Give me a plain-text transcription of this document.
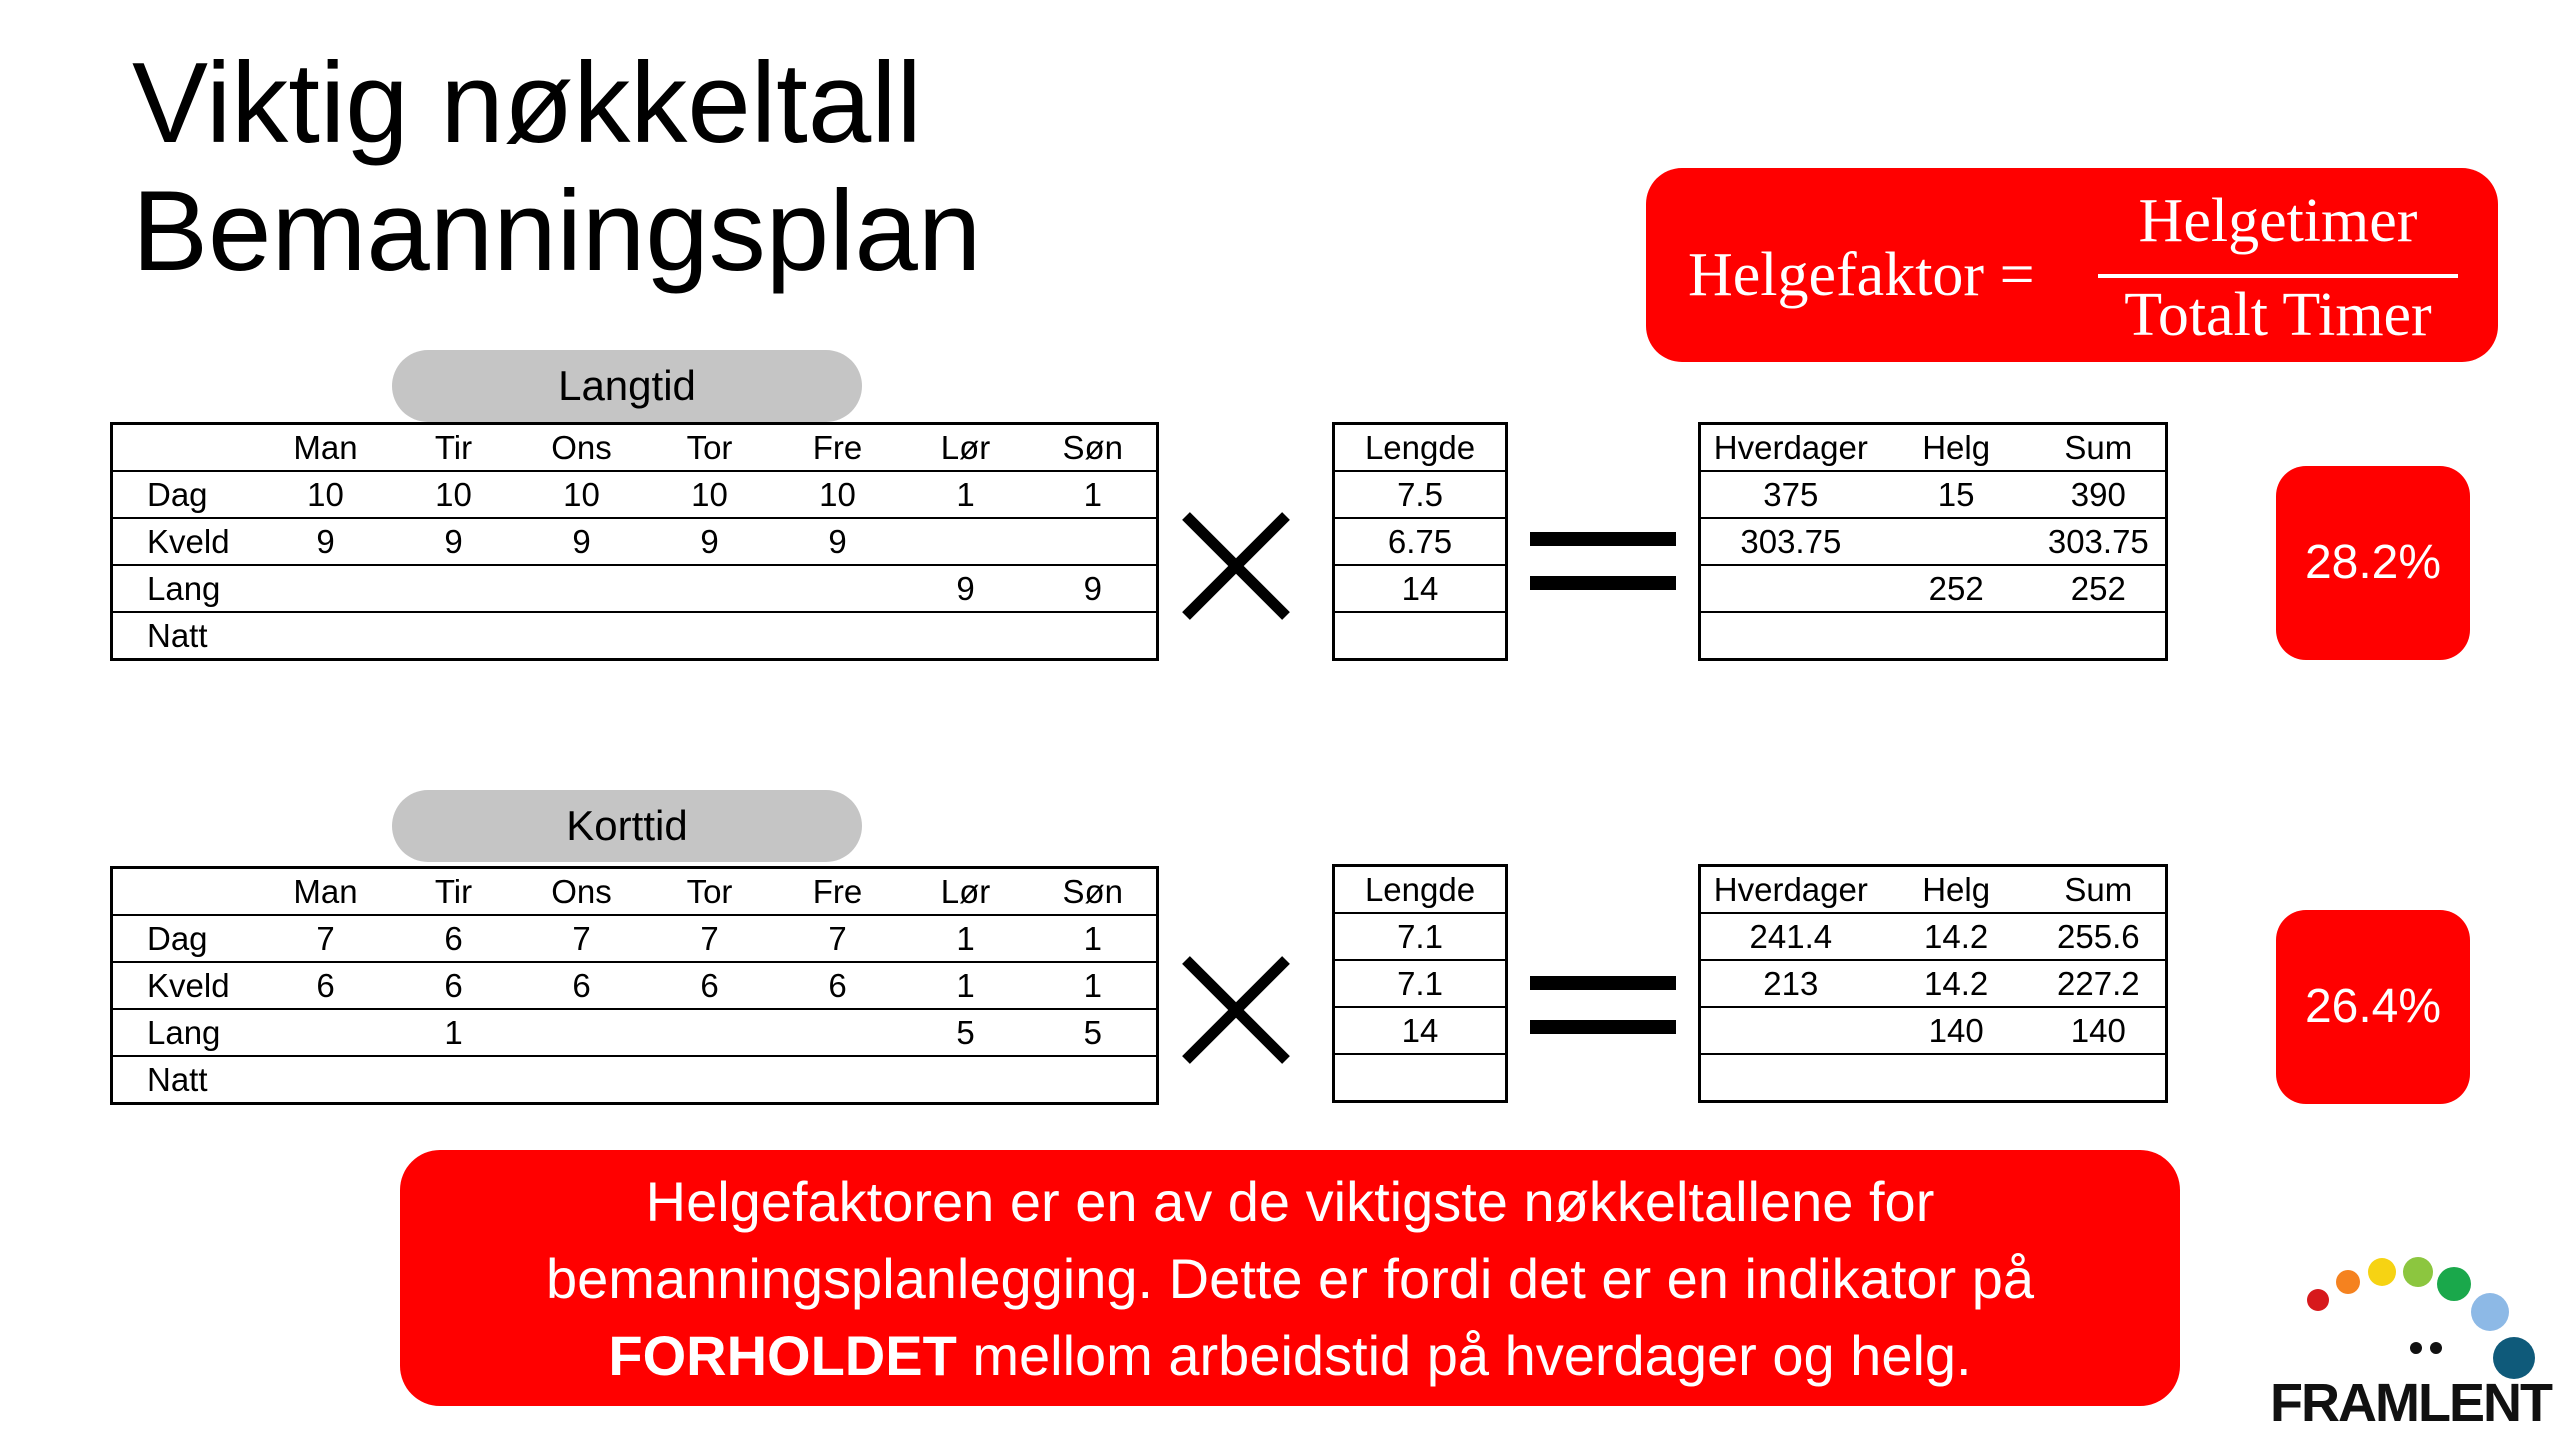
Viktig nøkkeltall
Bemanningsplan	Helgefaktor =
Helgetimer
Totalt Timer
Langtid
	Man	Tir	Ons	Tor	Fre	Lør	Søn
Dag	10	10	10	10	10	1	1
Kveld	9	9	9	9	9		
Lang						9	9
Natt							
Lengde
7.5
6.75
14

Hverdager	Helg	Sum
375	15	390
303.75		303.75
	252	252
			28.2%
Korttid
	Man	Tir	Ons	Tor	Fre	Lør	Søn
Dag	7	6	7	7	7	1	1
Kveld	6	6	6	6	6	1	1
Lang		1				5	5
Natt							
Lengde
7.1
7.1
14

Hverdager	Helg	Sum
241.4	14.2	255.6
213	14.2	227.2
	140	140
			26.4%
Helgefaktoren er en av de viktigste nøkkeltallene for
bemanningsplanlegging. Dette er fordi det er en indikator på
FORHOLDET mellom arbeidstid på hverdager og helg.
FRAMLENT
